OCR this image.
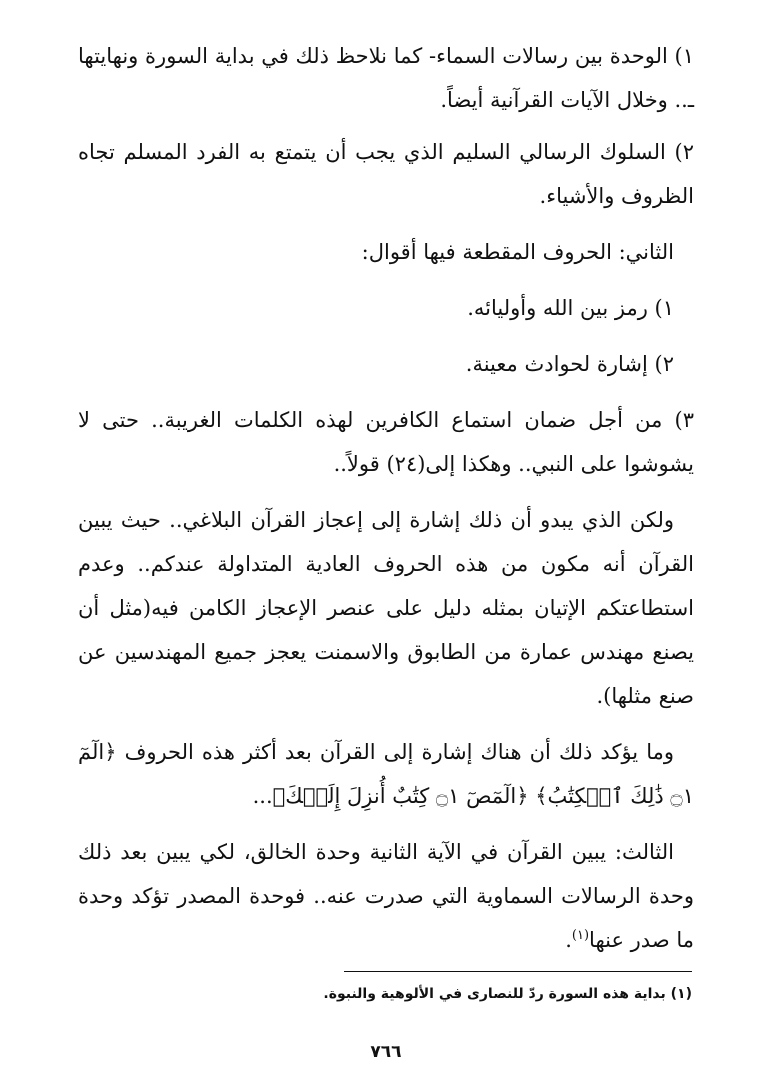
١) الوحدة بين رسالات السماء- كما نلاحظ ذلك في بداية السورة ونهايتها ـ.. وخلال الآيات القرآنية أيضاً.

٢) السلوك الرسالي السليم الذي يجب أن يتمتع به الفرد المسلم تجاه الظروف والأشياء.

الثاني: الحروف المقطعة فيها أقوال:

١) رمز بين الله وأوليائه.

٢) إشارة لحوادث معينة.

٣) من أجل ضمان استماع الكافرين لهذه الكلمات الغريبة.. حتى لا يشوشوا على النبي.. وهكذا إلى(٢٤) قولاً..

ولكن الذي يبدو أن ذلك إشارة إلى إعجاز القرآن البلاغي.. حيث يبين القرآن أنه مكون من هذه الحروف العادية المتداولة عندكم.. وعدم استطاعتكم الإتيان بمثله دليل على عنصر الإعجاز الكامن فيه(مثل أن يصنع مهندس عمارة من الطابوق والاسمنت يعجز جميع المهندسين عن صنع مثلها).

وما يؤكد ذلك أن هناك إشارة إلى القرآن بعد أكثر هذه الحروف ﴿الٓمٓ ۝١ ذَٰلِكَ ٱلۡكِتَٰبُ﴾ ﴿الٓمٓصٓ ۝١ كِتَٰبٌ أُنزِلَ إِلَيۡكَ﴾...

الثالث: يبين القرآن في الآية الثانية وحدة الخالق، لكي يبين بعد ذلك وحدة الرسالات السماوية التي صدرت عنه.. فوحدة المصدر تؤكد وحدة ما صدر عنها$^{(١)}$.

(١) بداية هذه السورة ردّ للنصارى في الألوهية والنبوة.

٧٦٦
